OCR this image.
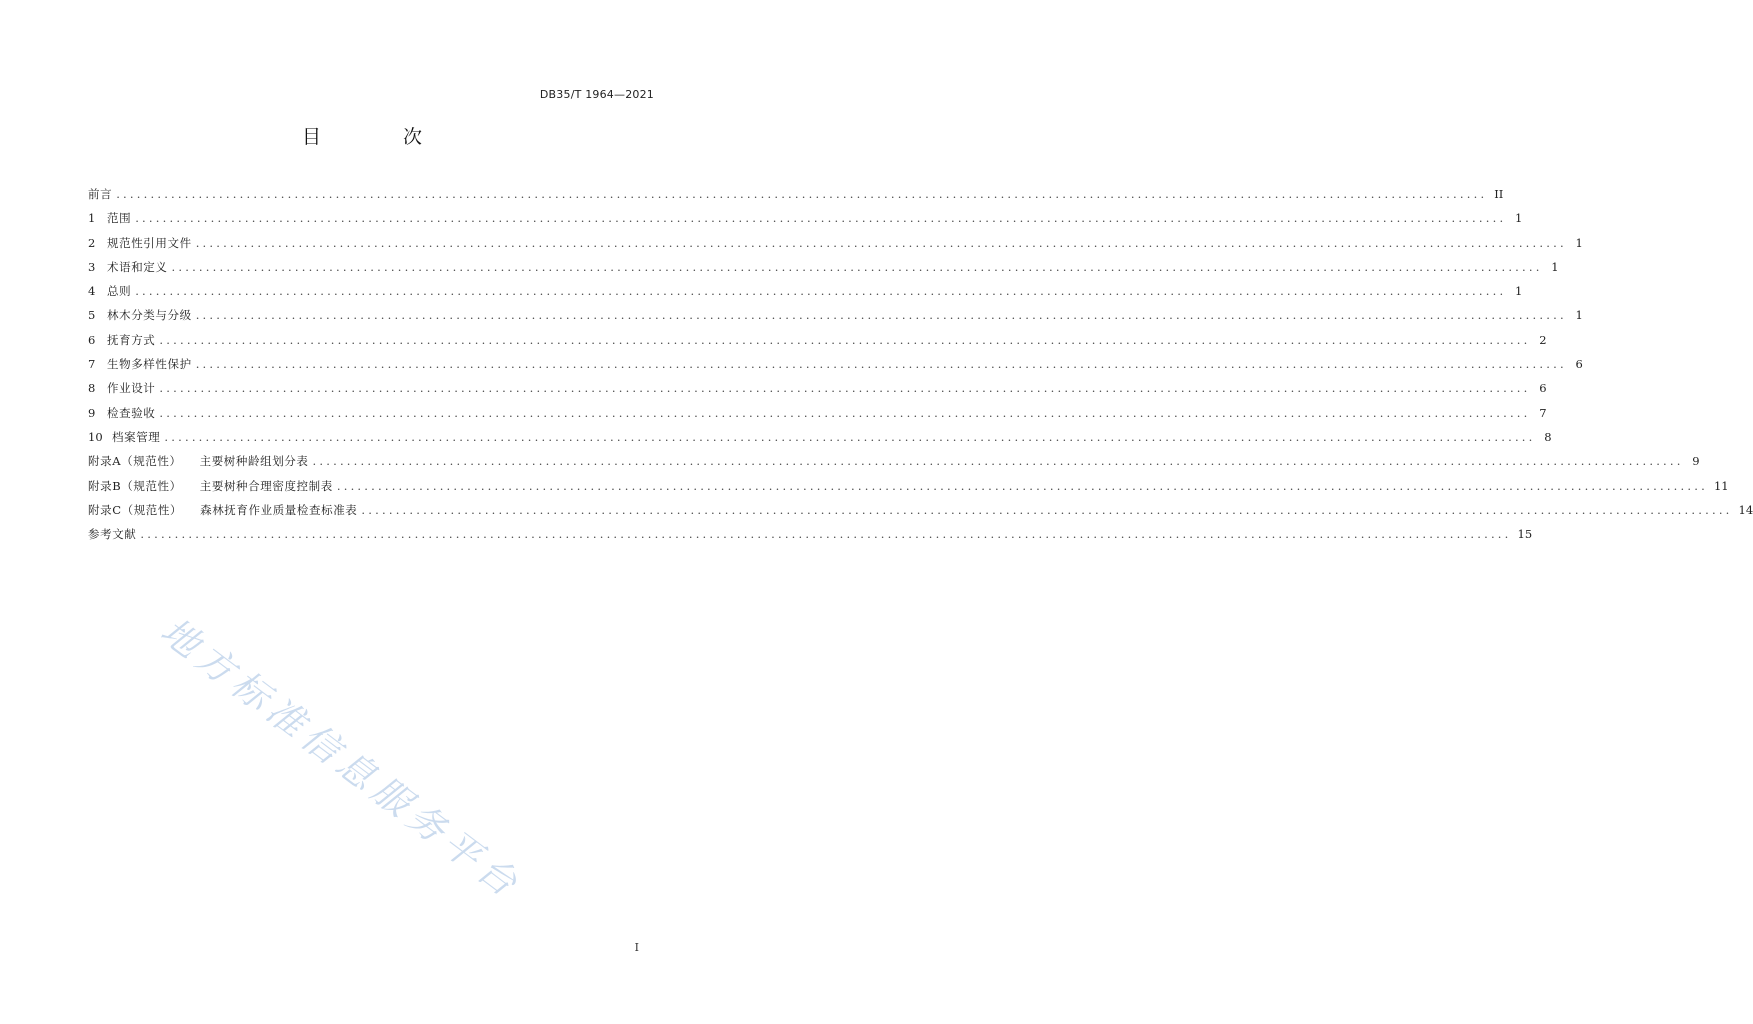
DB35/T 1964—2021
目 次
前言 ........................................................................................................................................................................................................ II
1	范围 ........................................................................................................................................................................................................ 1
2	规范性引用文件 ........................................................................................................................................................................................................ 1
3	术语和定义 ........................................................................................................................................................................................................ 1
4	总则 ........................................................................................................................................................................................................ 1
5	林木分类与分级 ........................................................................................................................................................................................................ 1
6	抚育方式 ........................................................................................................................................................................................................ 2
7	生物多样性保护 ........................................................................................................................................................................................................ 6
8	作业设计 ........................................................................................................................................................................................................ 6
9	检查验收 ........................................................................................................................................................................................................ 7
10 档案管理 ........................................................................................................................................................................................................ 8
附录A（规范性） 主要树种龄组划分表 ........................................................................................................................................................................................................ 9
附录B（规范性） 主要树种合理密度控制表 ........................................................................................................................................................................................................ 11
附录C（规范性） 森林抚育作业质量检查标准表 ........................................................................................................................................................................................................ 14
参考文献 ........................................................................................................................................................................................................ 15
地方标准信息服务平台
I
